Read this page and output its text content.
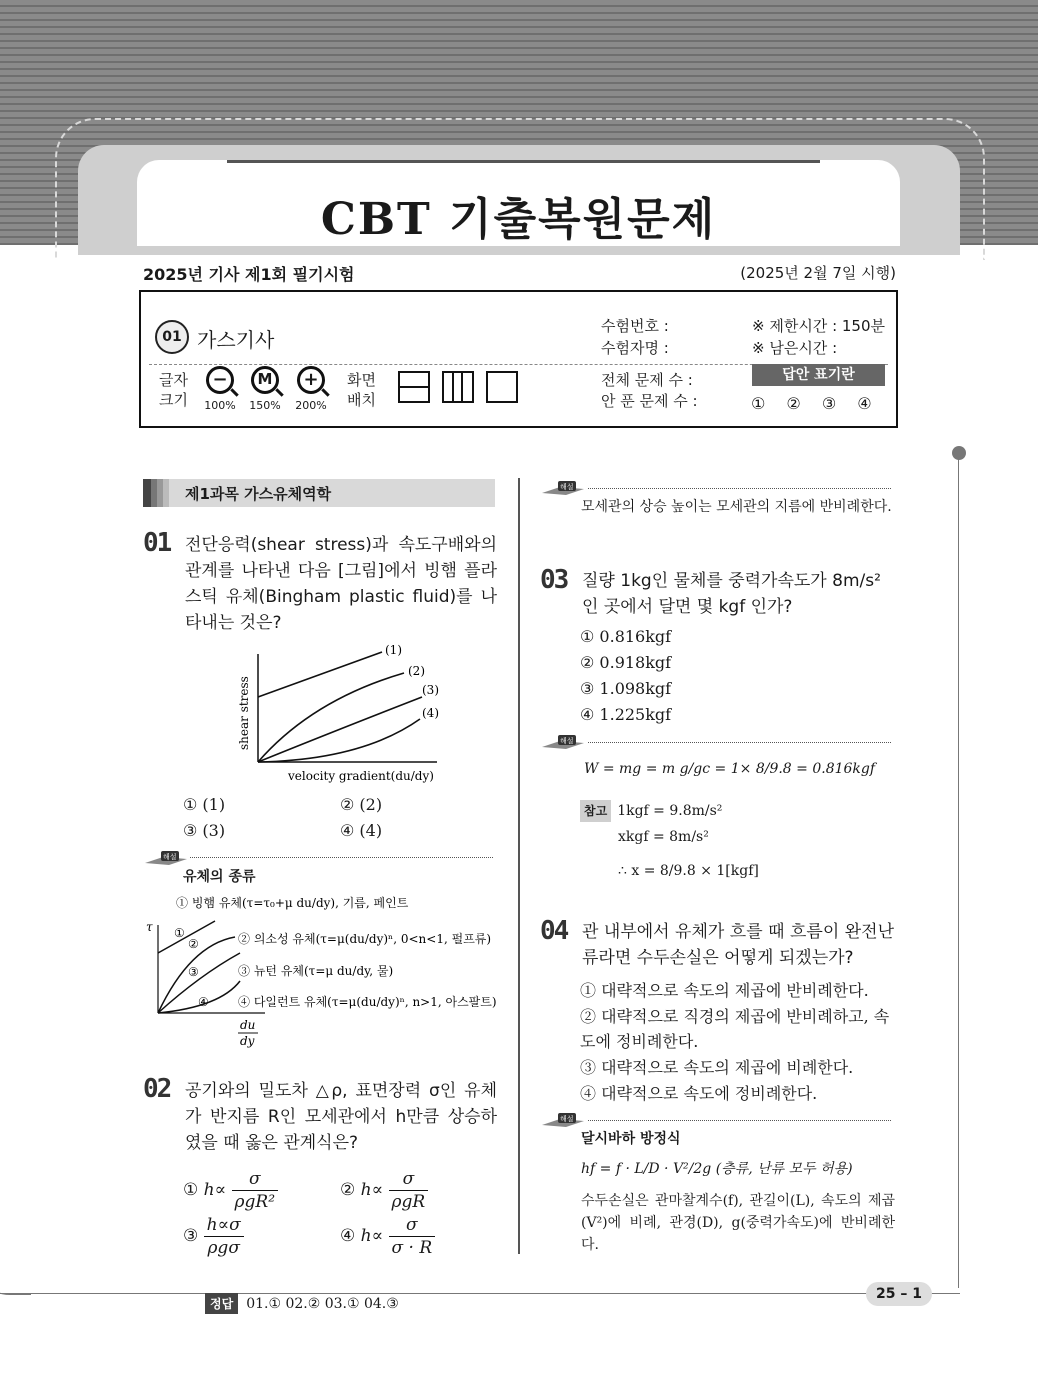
CBT 기출복원문제
2025년 기사 제1회 필기시험	(2025년 2월 7일 시행)
01 가스기사
수험번호 :
수험자명 :
※ 제한시간 : 150분
※ 남은시간 :
글자
크기
−
100%
M
150%
+
200%
화면
배치
전체 문제 수 :
안 푼 문제 수 :
답안 표기란
① ② ③ ④
제1과목 가스유체역학
01 전단응력(shear stress)과 속도구배와의 관계를 나타낸 다음 [그림]에서 빙햄 플라스틱 유체(Bingham plastic fluid)를 나타내는 것은?
(1)
(2)
(3)
(4)
shear stress
velocity gradient(du/dy)
① (1)	② (2)
③ (3)	④ (4)
해설
유체의 종류
τ ①
②
③
④
du
dy
① 빙햄 유체(τ=τ₀+μ du/dy), 기름, 페인트
② 의소성 유체(τ=μ(du/dy)ⁿ, 0<n<1, 펄프류)
③ 뉴턴 유체(τ=μ du/dy, 물)
④ 다일런트 유체(τ=μ(du/dy)ⁿ, n>1, 아스팔트)
02 공기와의 밀도차 △ρ, 표면장력 σ인 유체가 반지름 R인 모세관에서 h만큼 상승하였을 때 옳은 관계식은?
① $h\propto \frac{\sigma}{\text{ρgR²}}$	② $h\propto \frac{\sigma}{\text{ρgR}}$
③ $\frac{h\propto\sigma}{\text{ρgσ}}$	④ $h\propto \frac{\sigma}{\sigma \cdot R}$
해설
모세관의 상승 높이는 모세관의 지름에 반비례한다.
03 질량 1kg인 물체를 중력가속도가 8m/s²인 곳에서 달면 몇 kgf 인가?
① 0.816kgf
② 0.918kgf
③ 1.098kgf
④ 1.225kgf
해설
W = mg = m g/gc = 1× 8/9.8 = 0.816kgf
참고 1kgf = 9.8m/s²
xkgf = 8m/s²
∴ x = 8/9.8 × 1[kgf]
04 관 내부에서 유체가 흐를 때 흐름이 완전난류라면 수두손실은 어떻게 되겠는가?
① 대략적으로 속도의 제곱에 반비례한다.
② 대략적으로 직경의 제곱에 반비례하고, 속도에 정비례한다.
③ 대략적으로 속도의 제곱에 비례한다.
④ 대략적으로 속도에 정비례한다.
해설
달시바하 방정식
hf = f · L/D · V²/2g (층류, 난류 모두 허용)
수두손실은 관마찰계수(f), 관길이(L), 속도의 제곱(V²)에 비례, 관경(D), g(중력가속도)에 반비례한다.
정답 01.① 02.② 03.① 04.③
25 – 1
